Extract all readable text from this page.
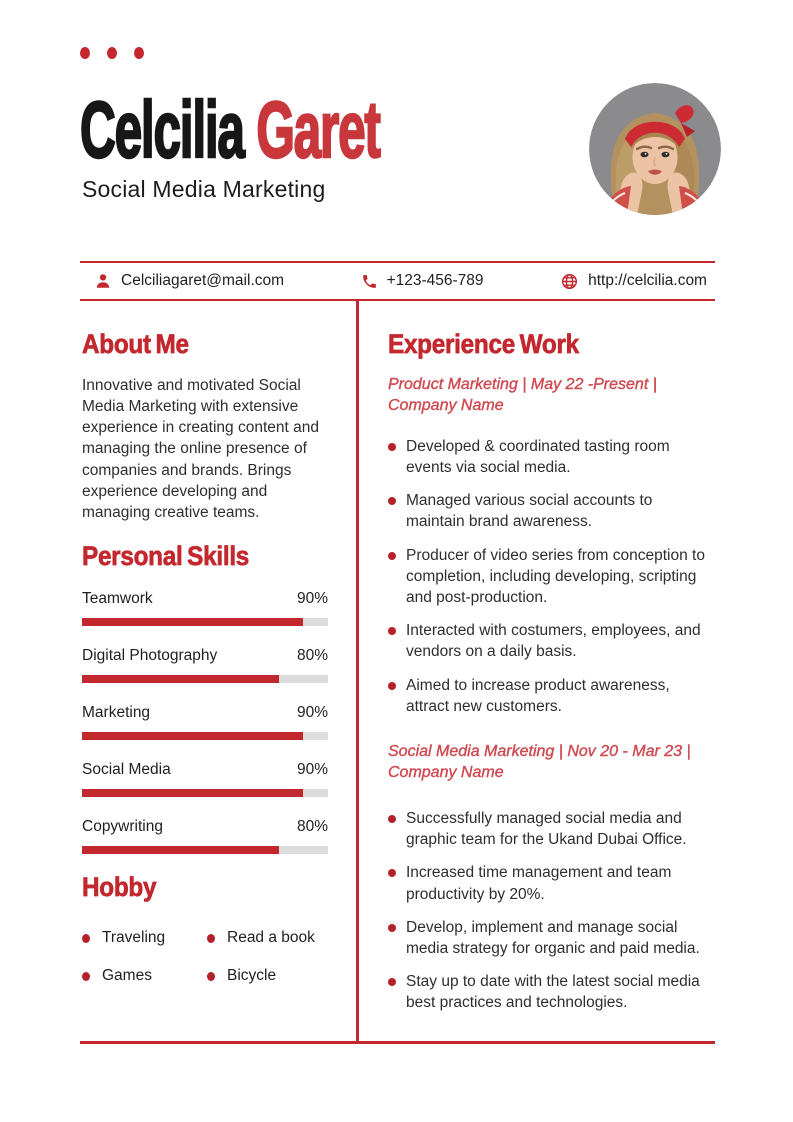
Celcilia Garet
Social Media Marketing
Celciliagaret@mail.com	+123-456-789	http://celcilia.com
About Me
Innovative and motivated Social Media Marketing with extensive experience in creating content and managing the online presence of companies and brands. Brings experience developing and managing creative teams.
Personal Skills
Teamwork	90%
Digital Photography	80%
Marketing	90%
Social Media	90%
Copywriting	80%
Hobby
Traveling	Read a book
Games	Bicycle
Experience Work
Product Marketing | May 22 -Present | Company Name
Developed & coordinated tasting room events via social media.
Managed various social accounts to maintain brand awareness.
Producer of video series from conception to completion, including developing, scripting and post-production.
Interacted with costumers, employees, and vendors on a daily basis.
Aimed to increase product awareness, attract new customers.
Social Media Marketing | Nov 20 - Mar 23 | Company Name
Successfully managed social media and graphic team for the Ukand Dubai Office.
Increased time management and team productivity by 20%.
Develop, implement and manage social media strategy for organic and paid media.
Stay up to date with the latest social media best practices and technologies.
